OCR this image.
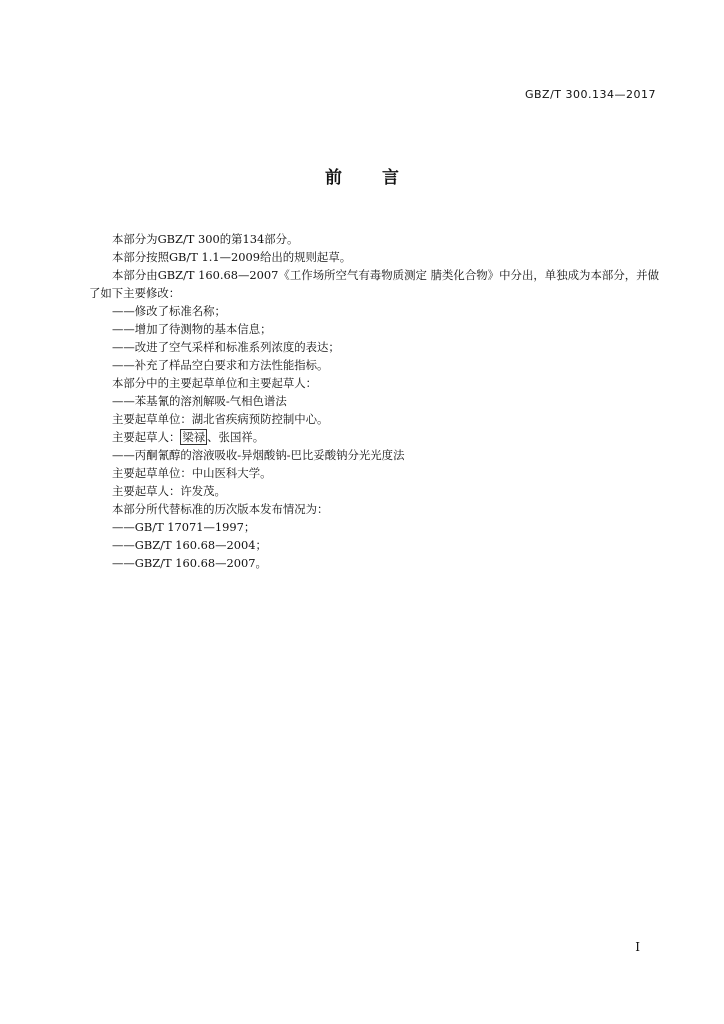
GBZ/T 300.134—2017
前言

本部分为GBZ/T 300的第134部分。

本部分按照GB/T 1.1—2009给出的规则起草。

本部分由GBZ/T 160.68—2007《工作场所空气有毒物质测定 腈类化合物》中分出，单独成为本部分，并做了如下主要修改：

——修改了标准名称；

——增加了待测物的基本信息；

——改进了空气采样和标准系列浓度的表达；

——补充了样品空白要求和方法性能指标。

本部分中的主要起草单位和主要起草人：

——苯基氰的溶剂解吸-气相色谱法

主要起草单位：湖北省疾病预防控制中心。

主要起草人： 梁禄 、张国祥。

——丙酮氰醇的溶液吸收-异烟酸钠-巴比妥酸钠分光光度法

主要起草单位：中山医科大学。

主要起草人：许发茂。

本部分所代替标准的历次版本发布情况为：

——GB/T 17071—1997；

——GBZ/T 160.68—2004；

——GBZ/T 160.68—2007。

I
